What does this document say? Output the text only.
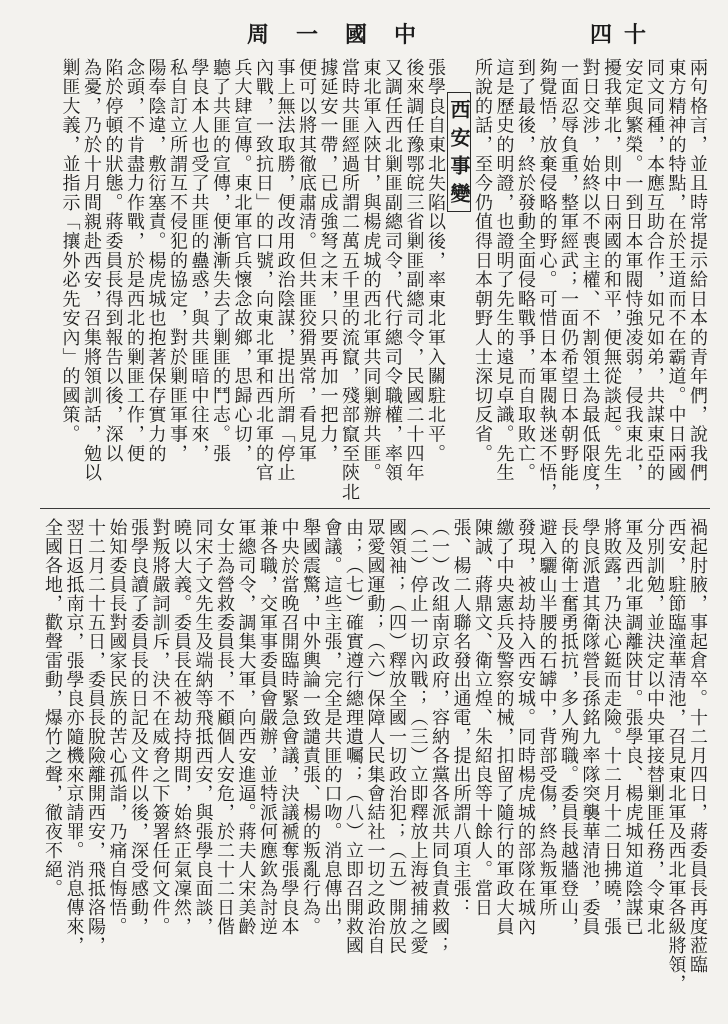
中國一周	四十
兩句格言，並且時常提示給日本的青年們，說我們
東方精神的特點，在於王道而不在霸道。中日兩國
同文同種，本應互助合作，如兄如弟，共謀東亞的
安定與繁榮。一到日本軍閥恃強凌弱，侵我東北，
擾我華北，則中日兩國的和平，便無從談起。先生
對日交涉，始終以不喪主權、不割領土為最低限度，
一面忍辱負重，整軍經武；一面仍希望日本朝野能
夠覺悟，放棄侵略的野心。可惜日本軍閥執迷不悟，
到了最後，終於發動全面侵略戰爭，而自取敗亡。
這是歷史的明證，也證明了先生的遠見卓識。先生
所說的話，至今仍值得日本朝野人士深切反省。
西安事變
張學良自東北失陷以後，率東北軍入關駐北平。
後來調任豫鄂皖三省剿匪副總司令，民國二十四年
又調任西北剿匪副總司令，代行總司令職權，率領
東北軍入陝甘，與楊虎城的西北軍共同剿辦共匪。
當時共匪經過所謂二萬五千里的流竄，殘部竄至陝北
據延安一帶，已成強弩之末，只要再加一把力，
便可以將其徹底肅清。但共匪狡猾異常，看見軍
事上無法取勝，便改用政治陰謀，提出所謂「停止
內戰，一致抗日」的口號，向東北軍和西北軍的官
兵大肆宣傳。東北軍官兵懷念故鄉，思歸心切，
聽了共匪的宣傳，便漸漸失去了剿匪的鬥志。張
學良本人也受了共匪的蠱惑，與共匪暗中往來，
私自訂立所謂互不侵犯的協定，對於剿匪軍事，
陽奉陰違，敷衍塞責。楊虎城也抱著保存實力的
念頭，不肯盡力作戰，於是西北的剿匪工作，便
陷於停頓的狀態。蔣委員長得到報告以後，深以
為憂，乃於十月間親赴西安，召集將領訓話，勉以
剿匪大義，並指示「攘外必先安內」的國策。
禍起肘腋，事起倉卒。十二月四日，蔣委員長再度蒞臨
西安，駐節臨潼華清池，召見東北軍及西北軍各級將領，
分別訓勉，並決定以中央軍接替剿匪任務，令東北
軍及西北軍調離陝甘。張學良、楊虎城知道陰謀已
將敗露，乃決心鋌而走險。十二月十二日拂曉，張
學良派遣其衛隊營長孫銘九率隊突襲華清池，委員
長的衛士奮勇抵抗，多人殉職。委員長越牆登山，
避入驪山半腰的石罅中，背部受傷，終為叛軍所
發現，被劫持入西安城。同時楊虎城的部隊在城內
繳了中央憲兵及警察的械，扣留了隨行的軍政大員
陳誠、蔣鼎文、衛立煌、朱紹良等十餘人。當日
張、楊二人聯名發出通電，提出所謂八項主張：
（一）改組南京政府，容納各黨各派共同負責救國；
（二）停止一切內戰；（三）立即釋放上海被捕之愛
國領袖；（四）釋放全國一切政治犯；（五）開放民
眾愛國運動；（六）保障人民集會結社一切之政治自
由；（七）確實遵行總理遺囑；（八）立即召開救國
會議。這些主張，完全是共匪的口吻。消息傳出，
舉國震驚，中外輿論一致譴責張、楊的叛亂行為。
中央於當晚召開臨時緊急會議，決議褫奪張學良本
兼各職，交軍事委員會嚴辦，並特派何應欽為討逆
軍總司令，調集大軍，向西安進逼。蔣夫人宋美齡
女士為營救委員長，不顧個人安危，於二十二日偕
同宋子文先生及端納等飛抵西安，與張學良面談，
曉以大義。委員長在被劫持期間，始終正氣凜然，
對叛將嚴詞訓斥，決不在威脅之下簽署任何文件。
張學良讀了委員長的日記及文件以後，深受感動，
始知委員長對國家民族的苦心孤詣，乃痛自悔悟。
十二月二十五日，委員長脫險離開西安，飛抵洛陽，
翌日返抵南京，張學良亦隨機來京請罪。消息傳來，
全國各地，歡聲雷動，爆竹之聲，徹夜不絕。
